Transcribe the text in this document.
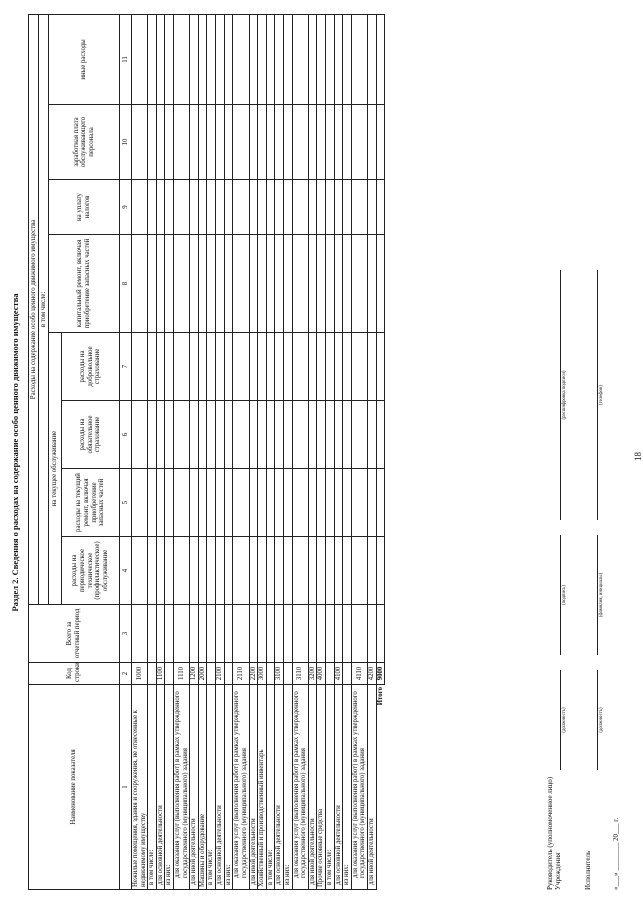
18
Раздел 2. Сведения о расходах на содержание особо ценного движимого имущества
Наименование показателя	Код строки	Всего за отчетный период	Расходы на содержание особо ценного движимого имущества							
			в том числе:							
			на текущее обслуживание				капитальный ремонт, включая приобретение запасных частей	на уплату налогов	заработная плата обслуживающего персонала	иные расходы
			расходы на периодическое техническое (профилактическое) обслуживание	расходы на текущий ремонт, включая приобретение запасных частей	расходы на обязательное страхование	расходы на добровольное страхование				
1	2	3	4	5	6	7	8	9	10	11
Нежилые помещения, здания и сооружения, не отнесенные к недвижимому имуществу	1000									
в том числе:										
для основной деятельности	1100									
из них:										
для оказания услуг (выполнения работ) в рамках утвержденного государственного (муниципального) задания	1110									
для иной деятельности	1200									
Машины и оборудование	2000									
в том числе:										
для основной деятельности	2100									
из них:										
для оказания услуг (выполнения работ) в рамках утвержденного государственного (муниципального) задания	2110									
для иной деятельности	2200									
Хозяйственный и производственный инвентарь	3000									
в том числе:										
для основной деятельности	3100									
из них:										
для оказания услуг (выполнения работ) в рамках утвержденного государственного (муниципального) задания	3110									
для иной деятельности	3200									
Прочие основные средства	4000									
в том числе:										
для основной деятельности	4100									
из них:										
для оказания услуг (выполнения работ) в рамках утвержденного государственного (муниципального) задания	4110									
для иной деятельности	4200									
Итого	9000									
Руководитель (уполномоченное лицо) Учреждения
(должность)
(подпись)
(расшифровка подписи)
Исполнитель
(должность)
(фамилия, инициалы)
(телефон)
«___» ________ 20___ г.
